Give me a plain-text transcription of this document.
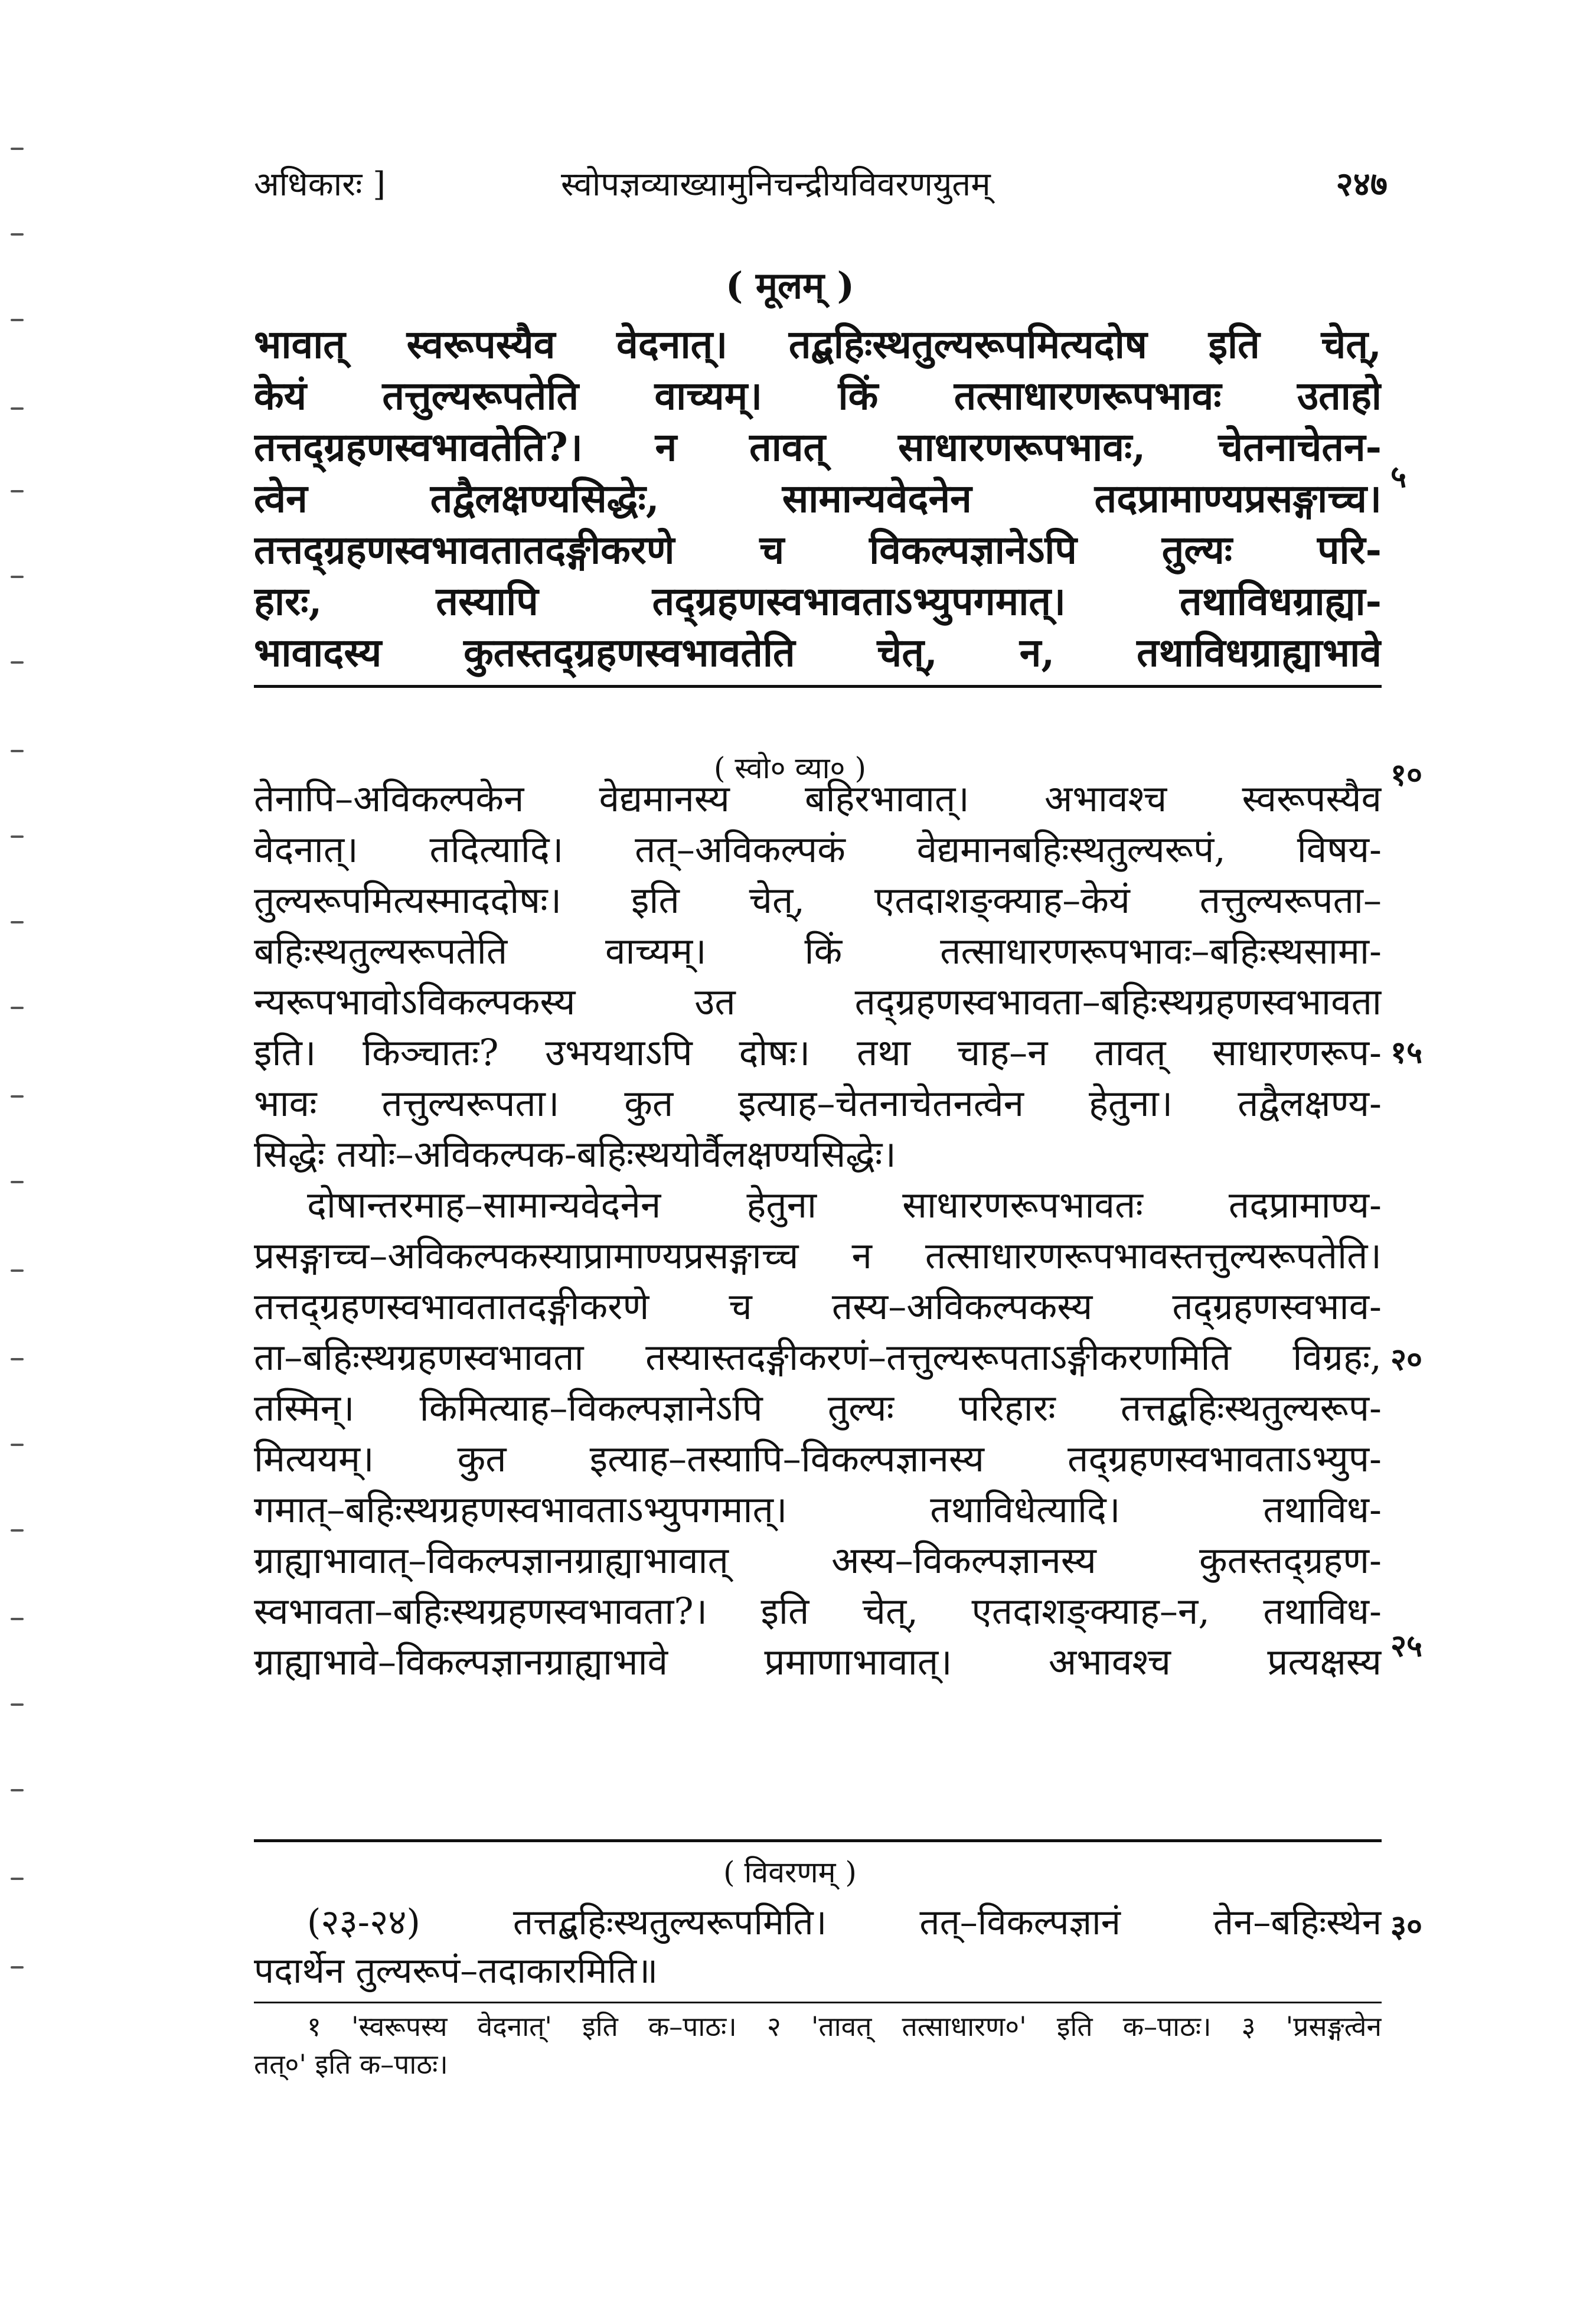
अधिकारः ]	स्वोपज्ञव्याख्यामुनिचन्द्रीयविवरणयुतम्	२४७
( मूलम् )
भावात् स्वरूपस्यैव वेदनात्। तद्बहिःस्थतुल्यरूपमित्यदोष इति चेत्,
केयं तत्तुल्यरूपतेति वाच्यम्। किं तत्साधारणरूपभावः उताहो
तत्तद्ग्रहणस्वभावतेति?। न तावत् साधारणरूपभावः, चेतनाचेतन-
त्वेन तद्वैलक्षण्यसिद्धेः, सामान्यवेदनेन तदप्रामाण्यप्रसङ्गाच्च।
तत्तद्ग्रहणस्वभावतातदङ्गीकरणे च विकल्पज्ञानेऽपि तुल्यः परि-
हारः, तस्यापि तद्ग्रहणस्वभावताऽभ्युपगमात्। तथाविधग्राह्या-
भावादस्य कुतस्तद्ग्रहणस्वभावतेति चेत्, न, तथाविधग्राह्याभावे
( स्वो० व्या० )
तेनापि–अविकल्पकेन वेद्यमानस्य बहिरभावात्। अभावश्च स्वरूपस्यैव
वेदनात्। तदित्यादि। तत्–अविकल्पकं वेद्यमानबहिःस्थतुल्यरूपं, विषय-
तुल्यरूपमित्यस्माददोषः। इति चेत्, एतदाशङ्क्याह–केयं तत्तुल्यरूपता–
बहिःस्थतुल्यरूपतेति वाच्यम्। किं तत्साधारणरूपभावः–बहिःस्थसामा-
न्यरूपभावोऽविकल्पकस्य उत तद्ग्रहणस्वभावता–बहिःस्थग्रहणस्वभावता
इति। किञ्चातः? उभयथाऽपि दोषः। तथा चाह–न तावत् साधारणरूप-
भावः तत्तुल्यरूपता। कुत इत्याह–चेतनाचेतनत्वेन हेतुना। तद्वैलक्षण्य-
सिद्धेः तयोः–अविकल्पक-बहिःस्थयोर्वैलक्षण्यसिद्धेः।
दोषान्तरमाह–सामान्यवेदनेन हेतुना साधारणरूपभावतः तदप्रामाण्य-
प्रसङ्गाच्च–अविकल्पकस्याप्रामाण्यप्रसङ्गाच्च न तत्साधारणरूपभावस्तत्तुल्यरूपतेति।
तत्तद्ग्रहणस्वभावतातदङ्गीकरणे च तस्य–अविकल्पकस्य तद्ग्रहणस्वभाव-
ता–बहिःस्थग्रहणस्वभावता तस्यास्तदङ्गीकरणं–तत्तुल्यरूपताऽङ्गीकरणमिति विग्रहः,
तस्मिन्। किमित्याह–विकल्पज्ञानेऽपि तुल्यः परिहारः तत्तद्बहिःस्थतुल्यरूप-
मित्ययम्। कुत इत्याह–तस्यापि–विकल्पज्ञानस्य तद्ग्रहणस्वभावताऽभ्युप-
गमात्–बहिःस्थग्रहणस्वभावताऽभ्युपगमात्। तथाविधेत्यादि। तथाविध-
ग्राह्याभावात्–विकल्पज्ञानग्राह्याभावात् अस्य–विकल्पज्ञानस्य कुतस्तद्ग्रहण-
स्वभावता–बहिःस्थग्रहणस्वभावता?। इति चेत्, एतदाशङ्क्याह–न, तथाविध-
ग्राह्याभावे–विकल्पज्ञानग्राह्याभावे प्रमाणाभावात्। अभावश्च प्रत्यक्षस्य
( विवरणम् )
(२३-२४) तत्तद्बहिःस्थतुल्यरूपमिति। तत्–विकल्पज्ञानं तेन–बहिःस्थेन
पदार्थेन तुल्यरूपं–तदाकारमिति॥
१ 'स्वरूपस्य वेदनात्' इति क–पाठः। २ 'तावत् तत्साधारण०' इति क–पाठः। ३ 'प्रसङ्गत्वेन
तत्०' इति क–पाठः।
५
१०
१५
२०
२५
३०
